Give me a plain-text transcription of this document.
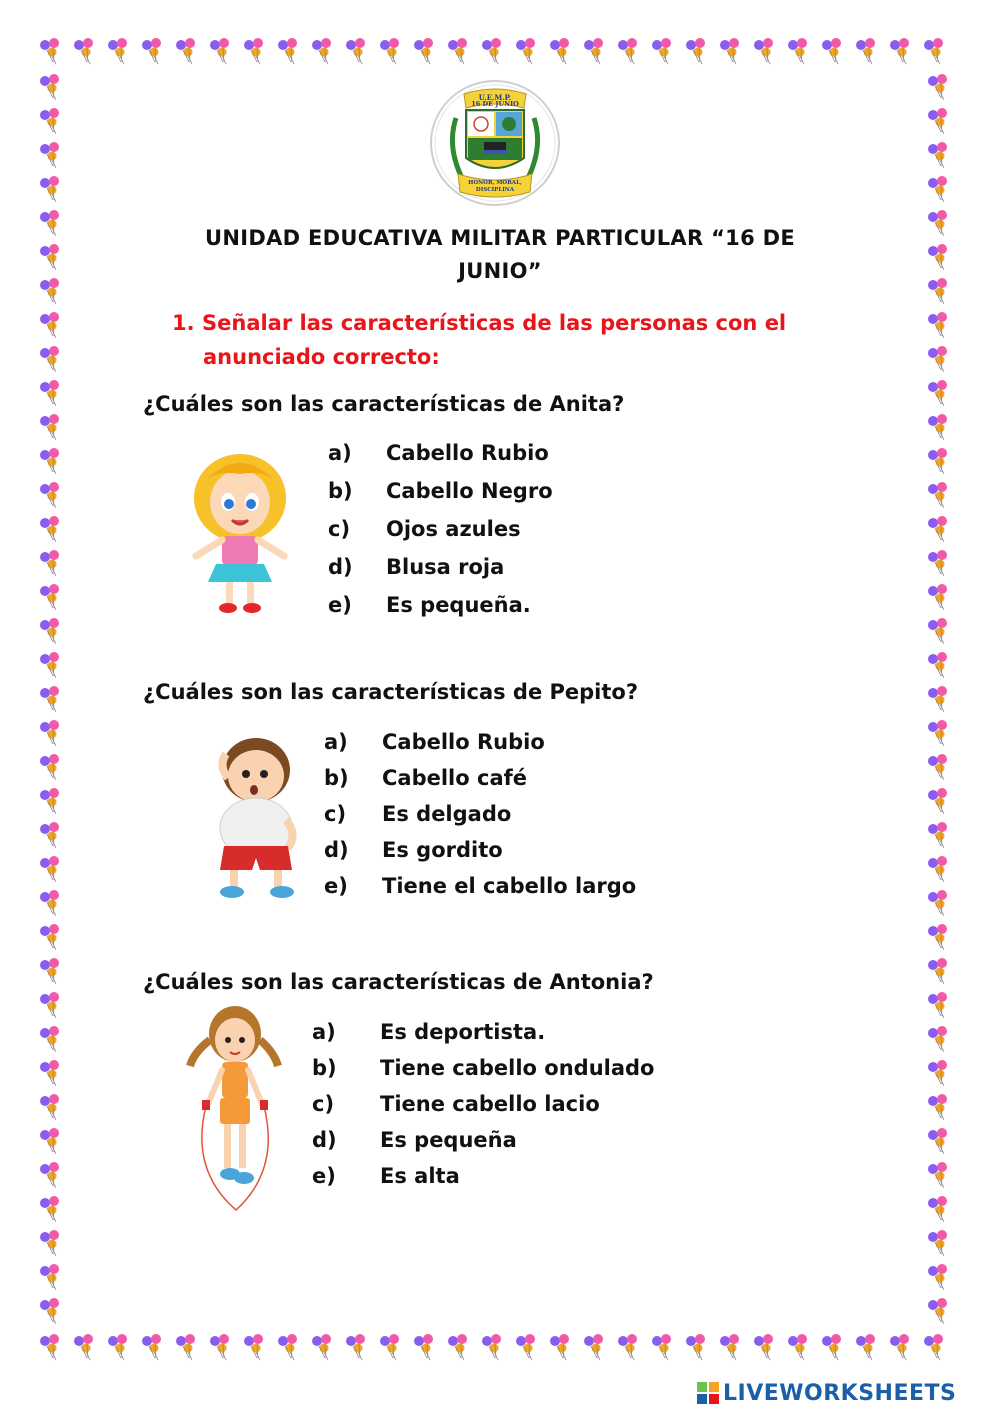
U.E.M.P.
16 DE JUNIO
HONOR, MORAL,
DISCIPLINA
UNIDAD EDUCATIVA MILITAR PARTICULAR “16 DE
JUNIO”
1. Señalar las características de las personas con el
anunciado correcto:
¿Cuáles son las características de Anita?
a)	Cabello Rubio
b)	Cabello Negro
c)	Ojos azules
d)	Blusa roja
e)	Es pequeña.
¿Cuáles son las características de Pepito?
a)	Cabello Rubio
b)	Cabello café
c)	Es delgado
d)	Es gordito
e)	Tiene el cabello largo
¿Cuáles son las características de Antonia?
a)	Es deportista.
b)	Tiene cabello ondulado
c)	Tiene cabello lacio
d)	Es pequeña
e)	Es alta
LIVEWORKSHEETS
